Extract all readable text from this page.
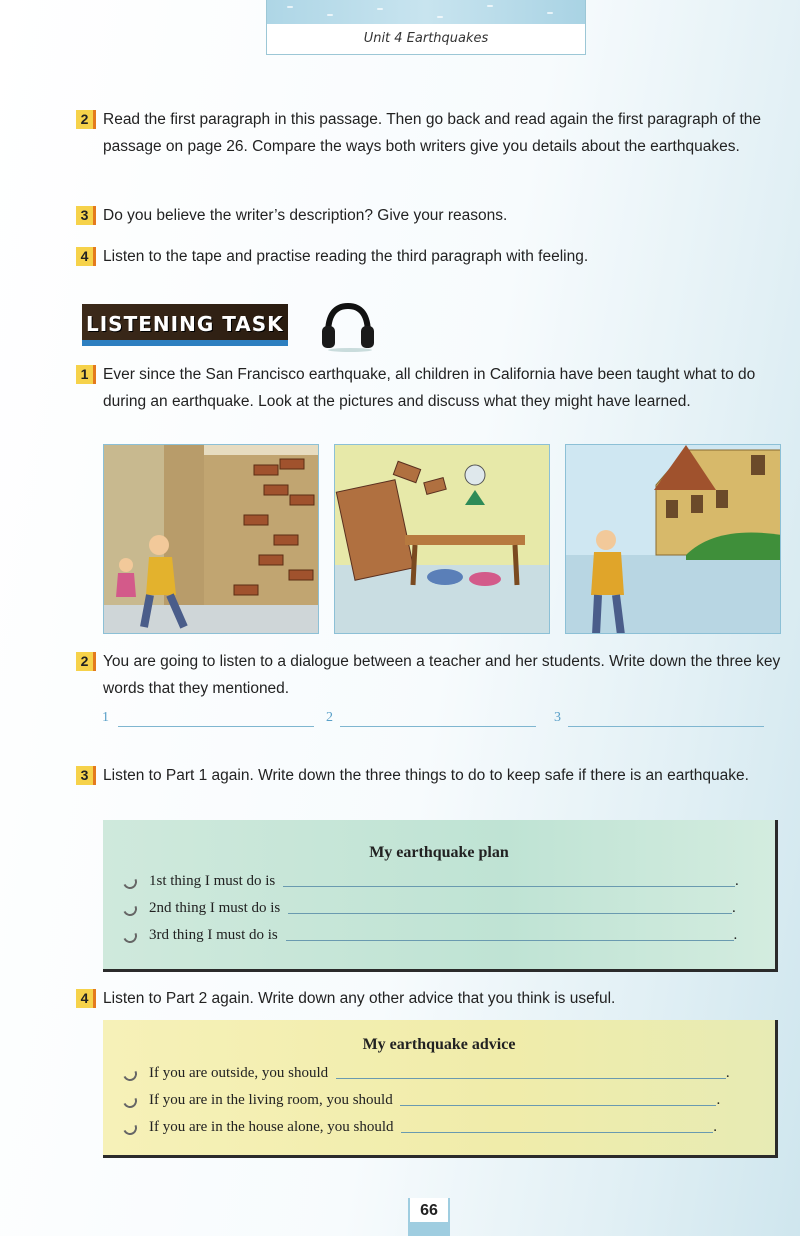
Unit 4 Earthquakes
2 Read the first paragraph in this passage. Then go back and read again the first paragraph of the passage on page 26. Compare the ways both writers give you details about the earthquakes.
3 Do you believe the writer’s description? Give your reasons.
4 Listen to the tape and practise reading the third paragraph with feeling.
LISTENING TASK
1 Ever since the San Francisco earthquake, all children in California have been taught what to do during an earthquake. Look at the pictures and discuss what they might have learned.
2 You are going to listen to a dialogue between a teacher and her students. Write down the three key words that they mentioned.
1	2	3
3 Listen to Part 1 again. Write down the three things to do to keep safe if there is an earthquake.
My earthquake plan
1st thing I must do is	.
2nd thing I must do is	.
3rd thing I must do is	.
4 Listen to Part 2 again. Write down any other advice that you think is useful.
My earthquake advice
If you are outside, you should	.
If you are in the living room, you should	.
If you are in the house alone, you should	.
66
